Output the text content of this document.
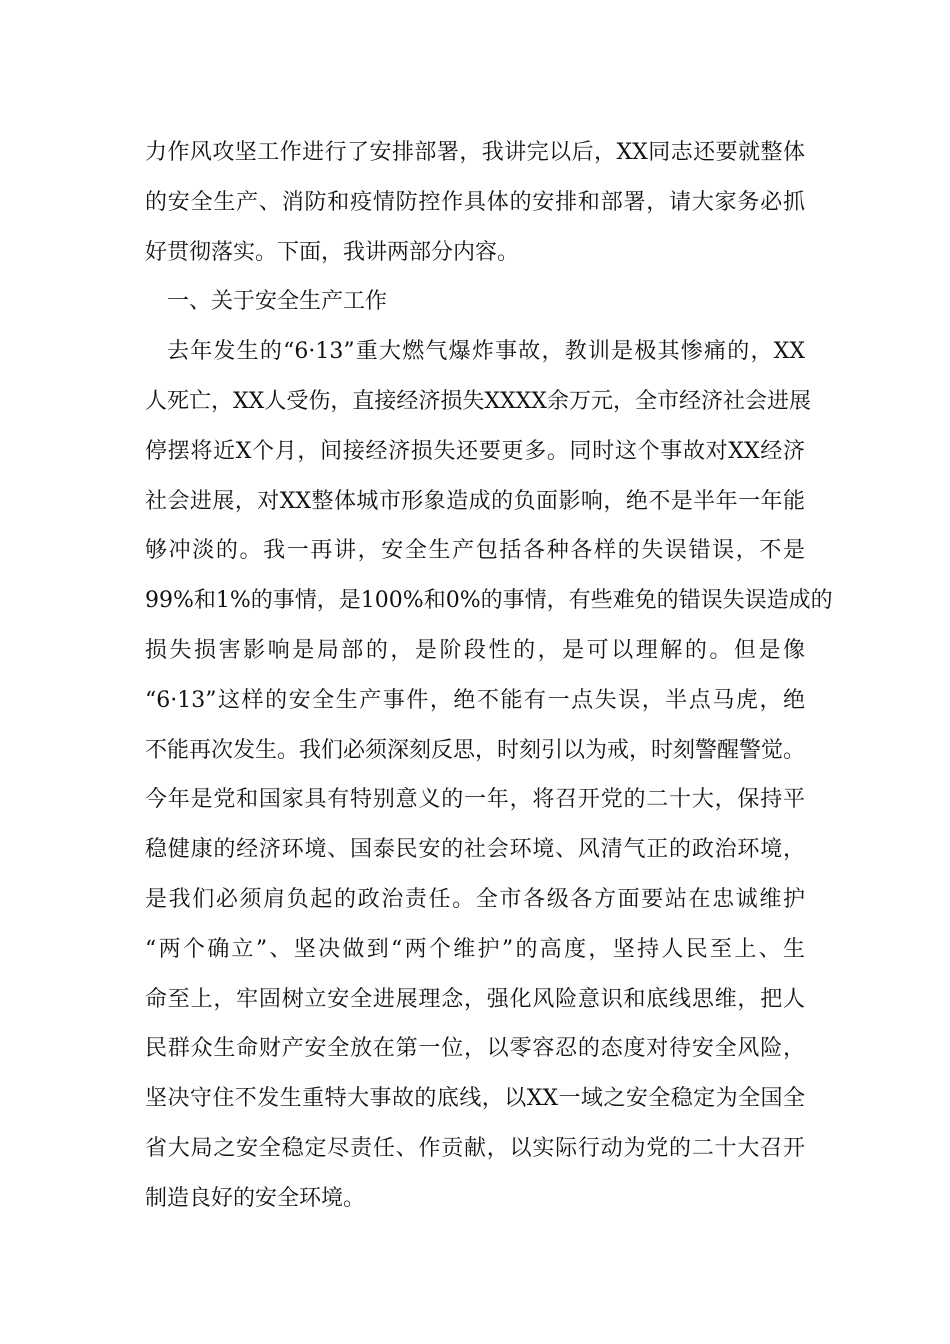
力作风攻坚工作进行了安排部署，我讲完以后，XX同志还要就整体
的安全生产、消防和疫情防控作具体的安排和部署，请大家务必抓
好贯彻落实。下面，我讲两部分内容。
一、关于安全生产工作
去年发生的“6·13”重大燃气爆炸事故，教训是极其惨痛的，XX
人死亡，XX人受伤，直接经济损失XXXX余万元，全市经济社会进展
停摆将近X个月，间接经济损失还要更多。同时这个事故对XX经济
社会进展，对XX整体城市形象造成的负面影响，绝不是半年一年能
够冲淡的。我一再讲，安全生产包括各种各样的失误错误，不是
99%和1%的事情，是100%和0%的事情，有些难免的错误失误造成的
损失损害影响是局部的，是阶段性的，是可以理解的。但是像
“6·13”这样的安全生产事件，绝不能有一点失误，半点马虎，绝
不能再次发生。我们必须深刻反思，时刻引以为戒，时刻警醒警觉。
今年是党和国家具有特别意义的一年，将召开党的二十大，保持平
稳健康的经济环境、国泰民安的社会环境、风清气正的政治环境，
是我们必须肩负起的政治责任。全市各级各方面要站在忠诚维护
“两个确立”、坚决做到“两个维护”的高度，坚持人民至上、生
命至上，牢固树立安全进展理念，强化风险意识和底线思维，把人
民群众生命财产安全放在第一位，以零容忍的态度对待安全风险，
坚决守住不发生重特大事故的底线，以XX一域之安全稳定为全国全
省大局之安全稳定尽责任、作贡献，以实际行动为党的二十大召开
制造良好的安全环境。
